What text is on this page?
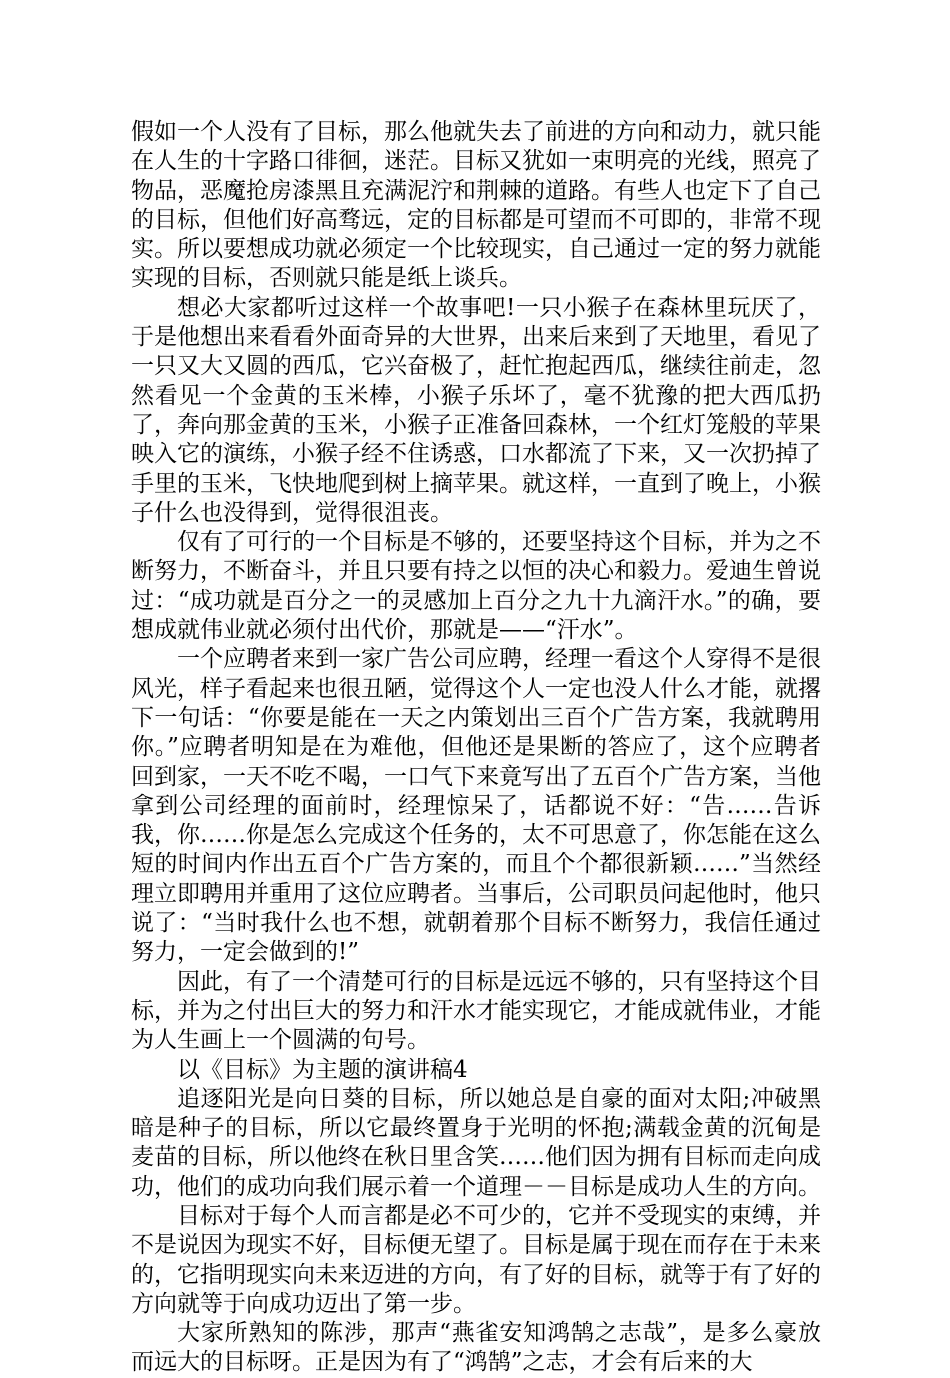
假如一个人没有了目标，那么他就失去了前进的方向和动力，就只能在人生的十字路口徘徊，迷茫。目标又犹如一束明亮的光线，照亮了物品，恶魔抢房漆黑且充满泥泞和荆棘的道路。有些人也定下了自己的目标，但他们好高骛远，定的目标都是可望而不可即的，非常不现实。所以要想成功就必须定一个比较现实，自己通过一定的努力就能实现的目标，否则就只能是纸上谈兵。

想必大家都听过这样一个故事吧!一只小猴子在森林里玩厌了，于是他想出来看看外面奇异的大世界，出来后来到了天地里，看见了一只又大又圆的西瓜，它兴奋极了，赶忙抱起西瓜，继续往前走，忽然看见一个金黄的玉米棒，小猴子乐坏了，毫不犹豫的把大西瓜扔了，奔向那金黄的玉米，小猴子正准备回森林，一个红灯笼般的苹果映入它的演练，小猴子经不住诱惑，口水都流了下来，又一次扔掉了手里的玉米，飞快地爬到树上摘苹果。就这样，一直到了晚上，小猴子什么也没得到，觉得很沮丧。

仅有了可行的一个目标是不够的，还要坚持这个目标，并为之不断努力，不断奋斗，并且只要有持之以恒的决心和毅力。爱迪生曾说过：“成功就是百分之一的灵感加上百分之九十九滴汗水。”的确，要想成就伟业就必须付出代价，那就是——“汗水”。

一个应聘者来到一家广告公司应聘，经理一看这个人穿得不是很风光，样子看起来也很丑陋，觉得这个人一定也没人什么才能，就撂下一句话：“你要是能在一天之内策划出三百个广告方案，我就聘用你。”应聘者明知是在为难他，但他还是果断的答应了，这个应聘者回到家，一天不吃不喝，一口气下来竟写出了五百个广告方案，当他拿到公司经理的面前时，经理惊呆了，话都说不好：“告……告诉我，你……你是怎么完成这个任务的，太不可思意了，你怎能在这么短的时间内作出五百个广告方案的，而且个个都很新颖……”当然经理立即聘用并重用了这位应聘者。当事后，公司职员问起他时，他只说了：“当时我什么也不想，就朝着那个目标不断努力，我信任通过努力，一定会做到的!”

因此，有了一个清楚可行的目标是远远不够的，只有坚持这个目标，并为之付出巨大的努力和汗水才能实现它，才能成就伟业，才能为人生画上一个圆满的句号。

以《目标》为主题的演讲稿4

追逐阳光是向日葵的目标，所以她总是自豪的面对太阳;冲破黑暗是种子的目标，所以它最终置身于光明的怀抱;满载金黄的沉甸是麦苗的目标，所以他终在秋日里含笑……他们因为拥有目标而走向成功，他们的成功向我们展示着一个道理－－目标是成功人生的方向。

目标对于每个人而言都是必不可少的，它并不受现实的束缚，并不是说因为现实不好，目标便无望了。目标是属于现在而存在于未来的，它指明现实向未来迈进的方向，有了好的目标，就等于有了好的方向就等于向成功迈出了第一步。

大家所熟知的陈涉，那声“燕雀安知鸿鹄之志哉”，是多么豪放而远大的目标呀。正是因为有了“鸿鹄”之志，才会有后来的大
